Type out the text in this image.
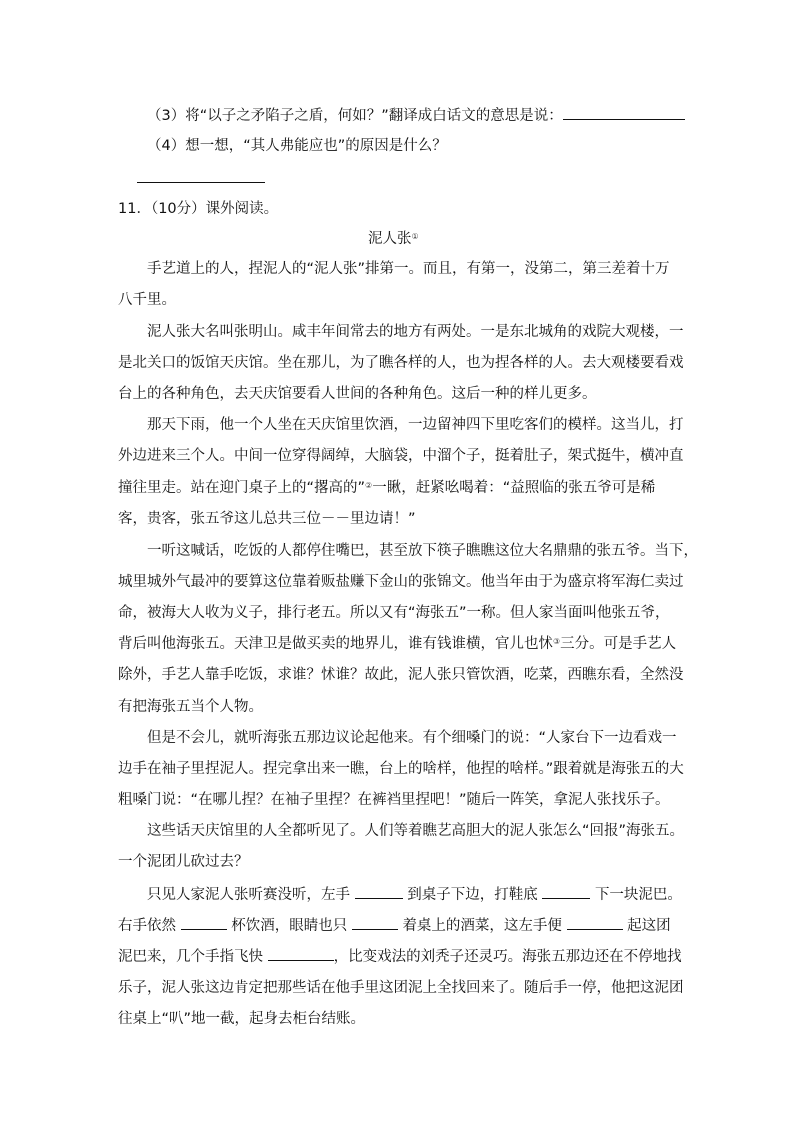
（3）将“以子之矛陷子之盾，何如？”翻译成白话文的意思是说：
（4）想一想，“其人弗能应也”的原因是什么？
11．（10分）课外阅读。
泥人张①
手艺道上的人，捏泥人的“泥人张”排第一。而且，有第一，没第二，第三差着十万
八千里。
泥人张大名叫张明山。咸丰年间常去的地方有两处。一是东北城角的戏院大观楼，一
是北关口的饭馆天庆馆。坐在那儿，为了瞧各样的人，也为捏各样的人。去大观楼要看戏
台上的各种角色，去天庆馆要看人世间的各种角色。这后一种的样儿更多。
那天下雨，他一个人坐在天庆馆里饮酒，一边留神四下里吃客们的模样。这当儿，打
外边进来三个人。中间一位穿得阔绰，大脑袋，中溜个子，挺着肚子，架式挺牛，横冲直
撞往里走。站在迎门桌子上的“撂高的”②一瞅，赶紧吆喝着：“益照临的张五爷可是稀
客，贵客，张五爷这儿总共三位－－里边请！”
一听这喊话，吃饭的人都停住嘴巴，甚至放下筷子瞧瞧这位大名鼎鼎的张五爷。当下，
城里城外气最冲的要算这位靠着贩盐赚下金山的张锦文。他当年由于为盛京将军海仁卖过
命，被海大人收为义子，排行老五。所以又有“海张五”一称。但人家当面叫他张五爷，
背后叫他海张五。天津卫是做买卖的地界儿，谁有钱谁横，官儿也怵③三分。可是手艺人
除外，手艺人靠手吃饭，求谁？怵谁？故此，泥人张只管饮酒，吃菜，西瞧东看，全然没
有把海张五当个人物。
但是不会儿，就听海张五那边议论起他来。有个细嗓门的说：“人家台下一边看戏一
边手在袖子里捏泥人。捏完拿出来一瞧，台上的啥样，他捏的啥样。”跟着就是海张五的大
粗嗓门说：“在哪儿捏？在袖子里捏？在裤裆里捏吧！”随后一阵笑，拿泥人张找乐子。
这些话天庆馆里的人全都听见了。人们等着瞧艺高胆大的泥人张怎么“回报”海张五。
一个泥团儿砍过去？
只见人家泥人张听赛没听，左手	到桌子下边，打鞋底	下一块泥巴。
右手依然	杯饮酒，眼睛也只	着桌上的酒菜，这左手便	起这团
泥巴来，几个手指飞快	，比变戏法的刘秃子还灵巧。海张五那边还在不停地找
乐子，泥人张这边肯定把那些话在他手里这团泥上全找回来了。随后手一停，他把这泥团
往桌上“叭”地一截，起身去柜台结账。
